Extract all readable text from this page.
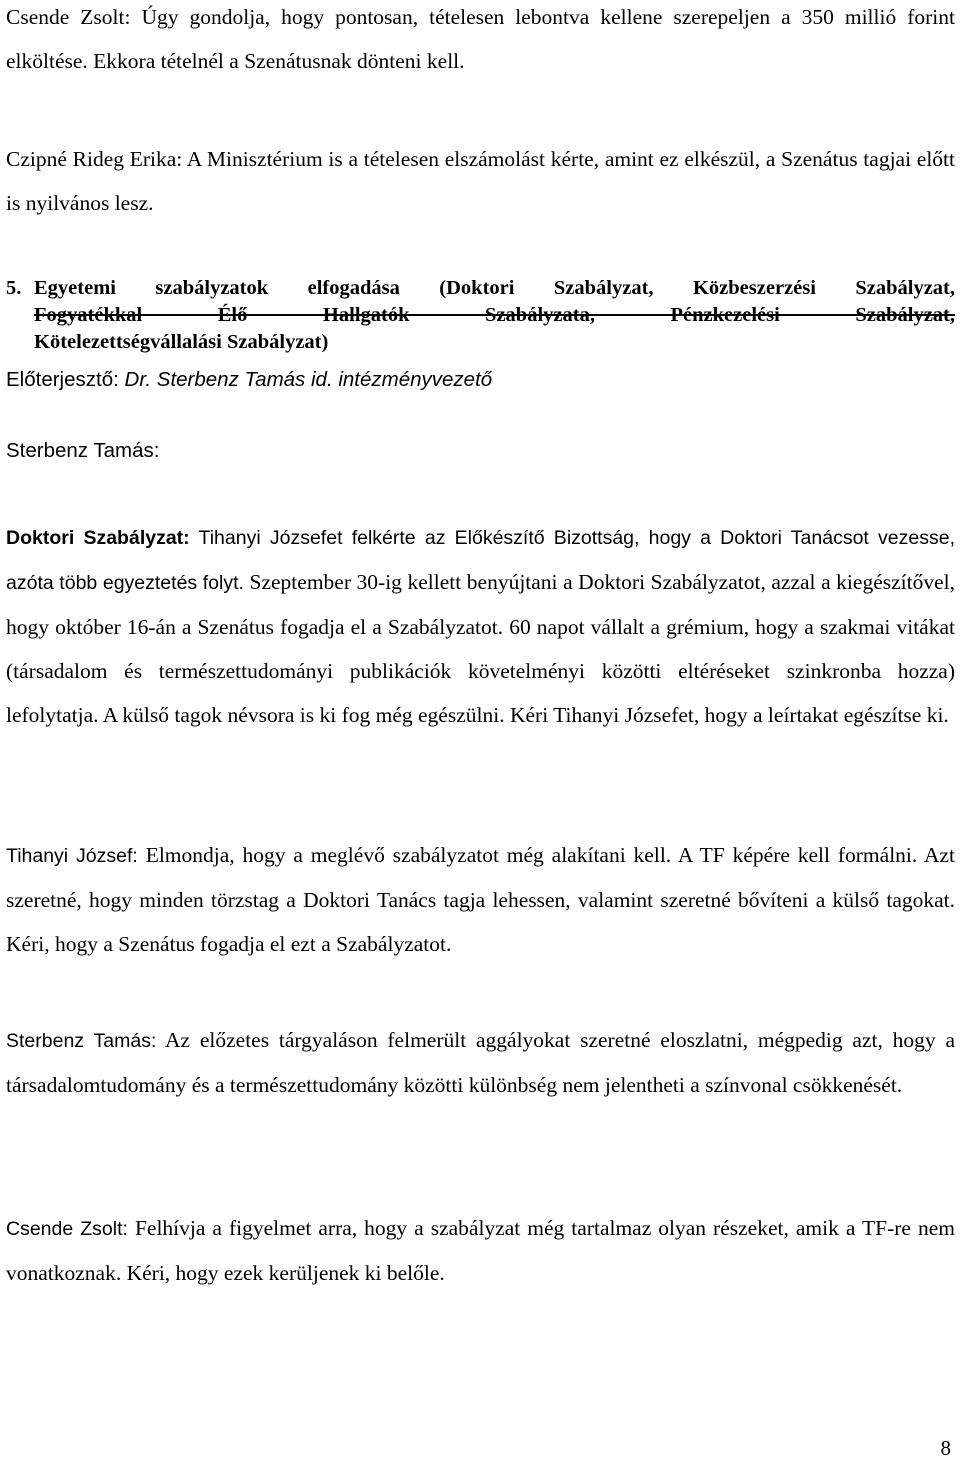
Csende Zsolt: Úgy gondolja, hogy pontosan, tételesen lebontva kellene szerepeljen a 350 millió forint elköltése. Ekkora tételnél a Szenátusnak dönteni kell.
Czipné Rideg Erika: A Minisztérium is a tételesen elszámolást kérte, amint ez elkészül, a Szenátus tagjai előtt is nyilvános lesz.
5. Egyetemi szabályzatok elfogadása (Doktori Szabályzat, Közbeszerzési Szabályzat,
Fogyatékkal Élő Hallgatók Szabályzata, Pénzkezelési Szabályzat,
Kötelezettségvállalási Szabályzat)
Előterjesztő: Dr. Sterbenz Tamás id. intézményvezető
Sterbenz Tamás:
Doktori Szabályzat: Tihanyi Józsefet felkérte az Előkészítő Bizottság, hogy a Doktori Tanácsot vezesse, azóta több egyeztetés folyt. Szeptember 30-ig kellett benyújtani a Doktori Szabályzatot, azzal a kiegészítővel, hogy október 16-án a Szenátus fogadja el a Szabályzatot. 60 napot vállalt a grémium, hogy a szakmai vitákat (társadalom és természettudományi publikációk követelményi közötti eltéréseket szinkronba hozza) lefolytatja. A külső tagok névsora is ki fog még egészülni. Kéri Tihanyi Józsefet, hogy a leírtakat egészítse ki.
Tihanyi József: Elmondja, hogy a meglévő szabályzatot még alakítani kell. A TF képére kell formálni. Azt szeretné, hogy minden törzstag a Doktori Tanács tagja lehessen, valamint szeretné bővíteni a külső tagokat. Kéri, hogy a Szenátus fogadja el ezt a Szabályzatot.
Sterbenz Tamás: Az előzetes tárgyaláson felmerült aggályokat szeretné eloszlatni, mégpedig azt, hogy a társadalomtudomány és a természettudomány közötti különbség nem jelentheti a színvonal csökkenését.
Csende Zsolt: Felhívja a figyelmet arra, hogy a szabályzat még tartalmaz olyan részeket, amik a TF-re nem vonatkoznak. Kéri, hogy ezek kerüljenek ki belőle.
8
